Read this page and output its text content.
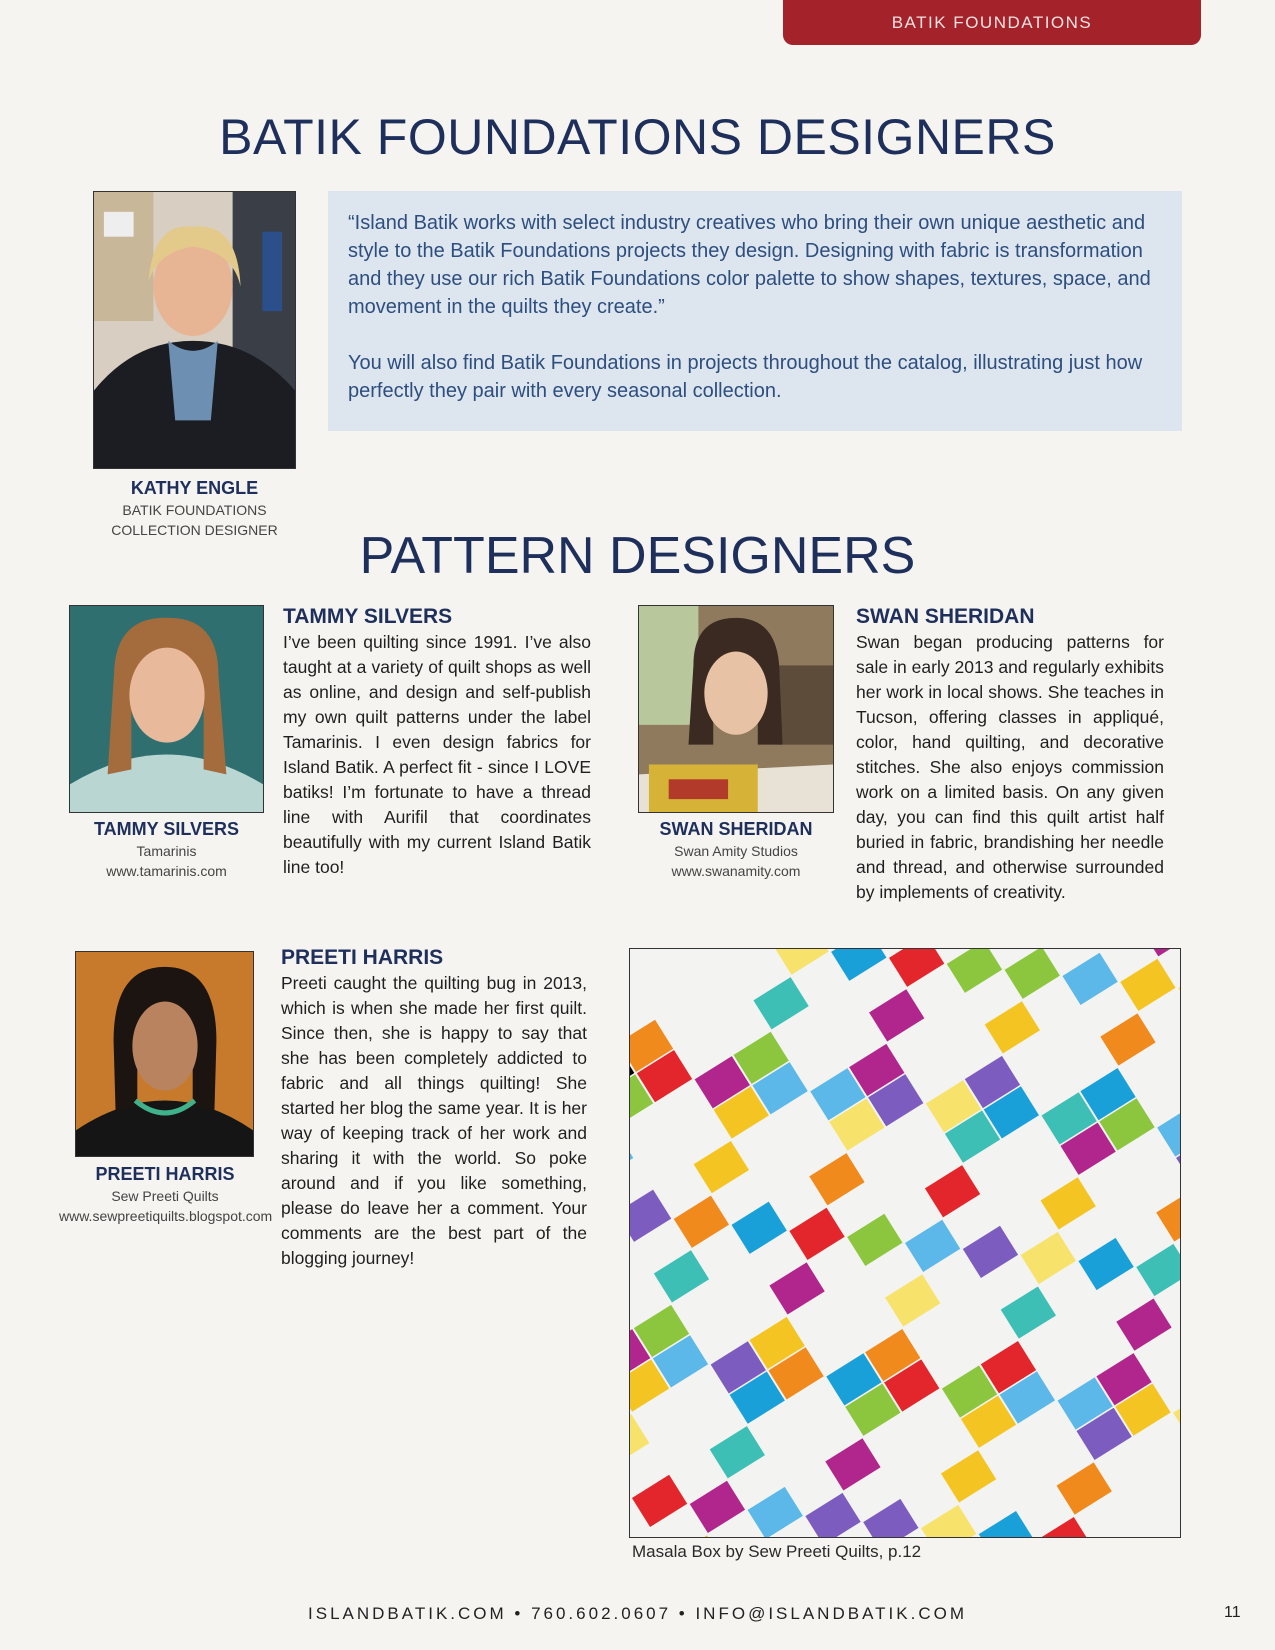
BATIK FOUNDATIONS
BATIK FOUNDATIONS DESIGNERS

“Island Batik works with select industry creatives who bring their own unique aesthetic and style to the Batik Foundations projects they design. Designing with fabric is transformation and they use our rich Batik Foundations color palette to show shapes, textures, space, and movement in the quilts they create.”

You will also find Batik Foundations in projects throughout the catalog, illustrating just how perfectly they pair with every seasonal collection.

KATHY ENGLE
BATIK FOUNDATIONS
COLLECTION DESIGNER	PATTERN DESIGNERS
TAMMY SILVERS
Tamarinis
www.tamarinis.com
TAMMY SILVERS

I’ve been quilting since 1991. I’ve also taught at a variety of quilt shops as well as online, and design and self-publish my own quilt patterns under the label Tamarinis. I even design fabrics for Island Batik. A perfect fit - since I LOVE batiks! I’m fortunate to have a thread line with Aurifil that coordinates beautifully with my current Island Batik line too!

SWAN SHERIDAN
Swan Amity Studios
www.swanamity.com
SWAN SHERIDAN

Swan began producing patterns for sale in early 2013 and regularly exhibits her work in local shows. She teaches in Tucson, offering classes in appliqué, color, hand quilting, and decorative stitches. She also enjoys commission work on a limited basis. On any given day, you can find this quilt artist half buried in fabric, brandishing her needle and thread, and otherwise surrounded by implements of creativity.

PREETI HARRIS
Sew Preeti Quilts
www.sewpreetiquilts.blogspot.com
PREETI HARRIS

Preeti caught the quilting bug in 2013, which is when she made her first quilt. Since then, she is happy to say that she has been completely addicted to fabric and all things quilting! She started her blog the same year. It is her way of keeping track of her work and sharing it with the world. So poke around and if you like something, please do leave her a comment. Your comments are the best part of the blogging journey!

Masala Box by Sew Preeti Quilts, p.12
ISLANDBATIK.COM • 760.602.0607 • INFO@ISLANDBATIK.COM	11
